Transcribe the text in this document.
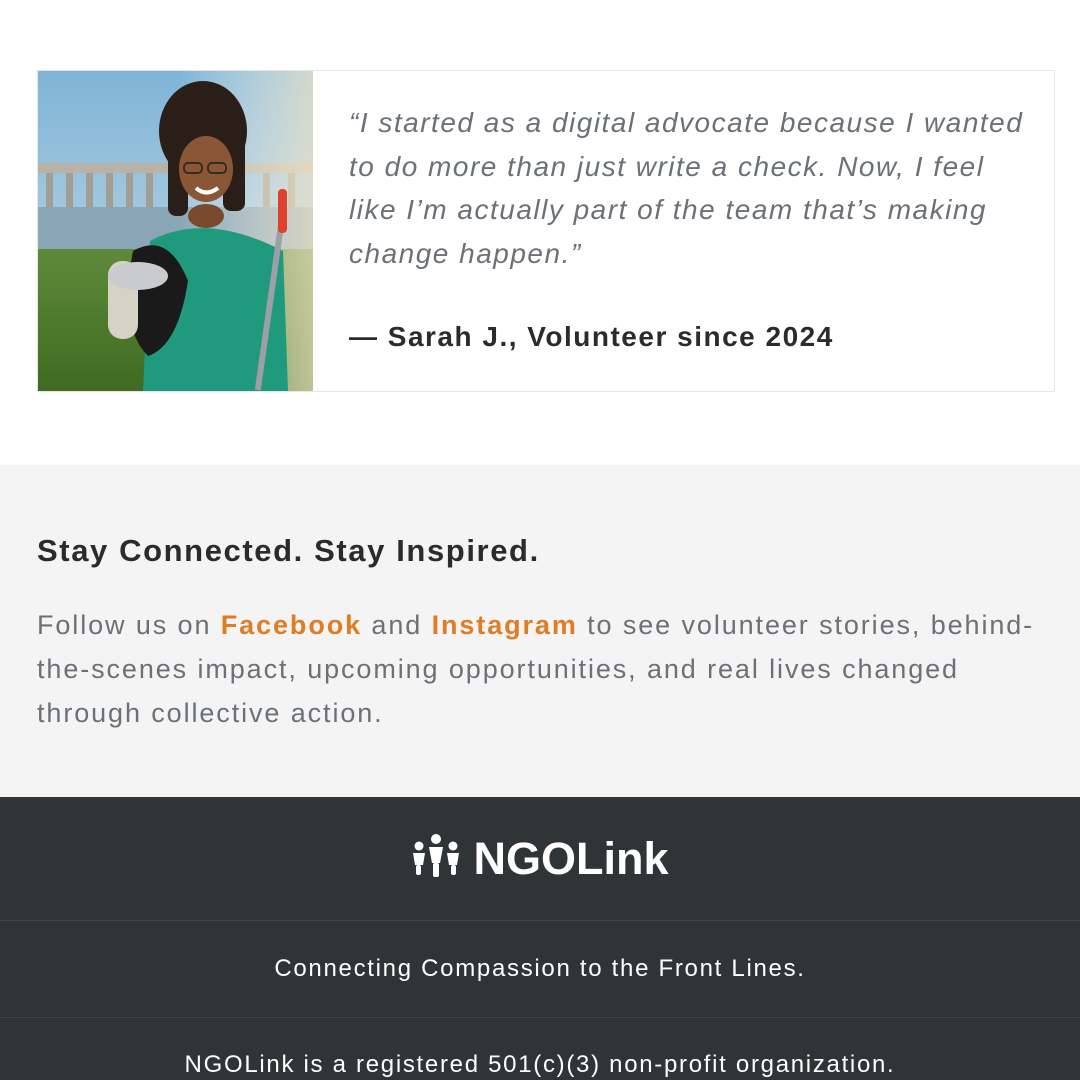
“I started as a digital advocate because I wanted to do more than just write a check. Now, I feel like I’m actually part of the team that’s making change happen.”

— Sarah J., Volunteer since 2024

Stay Connected. Stay Inspired.

Follow us on Facebook and Instagram to see volunteer stories, behind-the-scenes impact, upcoming opportunities, and real lives changed through collective action.

NGOLink
Connecting Compassion to the Front Lines.
NGOLink is a registered 501(c)(3) non-profit organization.
